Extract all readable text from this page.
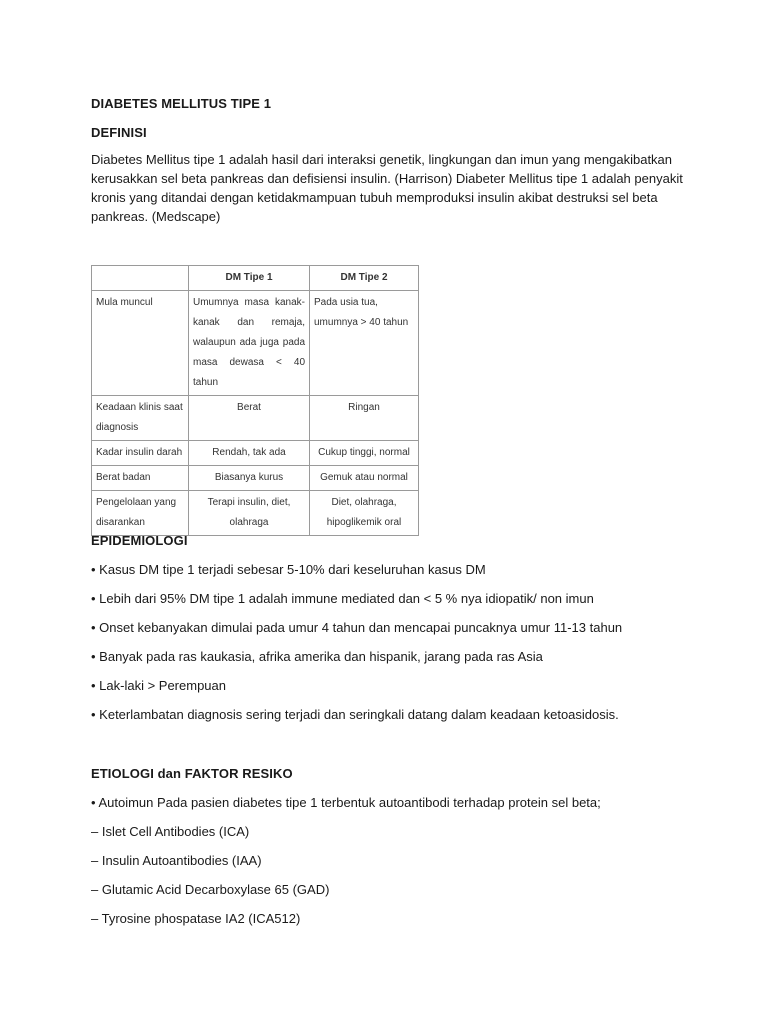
DIABETES MELLITUS TIPE 1
DEFINISI
Diabetes Mellitus tipe 1 adalah hasil dari interaksi genetik, lingkungan dan imun yang mengakibatkan
kerusakkan sel beta pankreas dan defisiensi insulin. (Harrison) Diabeter Mellitus tipe 1 adalah penyakit
kronis yang ditandai dengan ketidakmampuan tubuh memproduksi insulin akibat destruksi sel beta
pankreas. (Medscape)
	DM Tipe 1	DM Tipe 2
Mula muncul	Umumnya masa kanak-kanak dan remaja, walaupun ada juga pada masa dewasa < 40 tahun	Pada usia tua, umumnya > 40 tahun
Keadaan klinis saat diagnosis	Berat	Ringan
Kadar insulin darah	Rendah, tak ada	Cukup tinggi, normal
Berat badan	Biasanya kurus	Gemuk atau normal
Pengelolaan yang disarankan	Terapi insulin, diet, olahraga	Diet, olahraga, hipoglikemik oral
EPIDEMIOLOGI
• Kasus DM tipe 1 terjadi sebesar 5-10% dari keseluruhan kasus DM
• Lebih dari 95% DM tipe 1 adalah immune mediated dan < 5 % nya idiopatik/ non imun
• Onset kebanyakan dimulai pada umur 4 tahun dan mencapai puncaknya umur 11-13 tahun
• Banyak pada ras kaukasia, afrika amerika dan hispanik, jarang pada ras Asia
• Lak-laki > Perempuan
• Keterlambatan diagnosis sering terjadi dan seringkali datang dalam keadaan ketoasidosis.
ETIOLOGI dan FAKTOR RESIKO
• Autoimun Pada pasien diabetes tipe 1 terbentuk autoantibodi terhadap protein sel beta;
– Islet Cell Antibodies (ICA)
– Insulin Autoantibodies (IAA)
– Glutamic Acid Decarboxylase 65 (GAD)
– Tyrosine phospatase IA2 (ICA512)
